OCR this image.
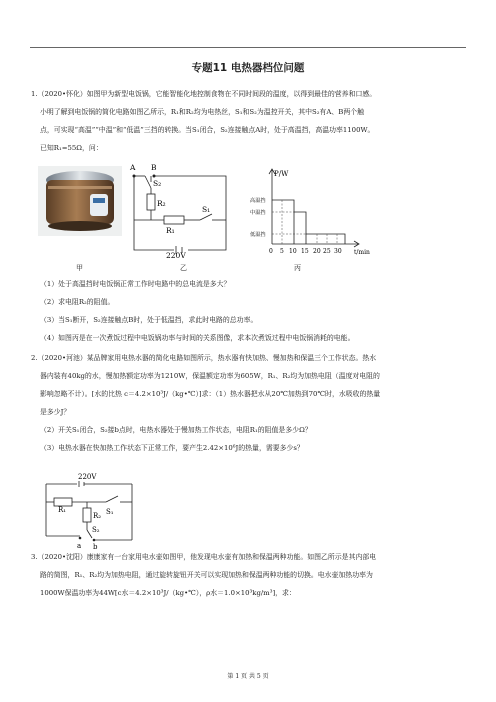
专题11 电热器档位问题
1.（2020•怀化）如图甲为新型电饭锅，它能智能化地控制食物在不同时间段的温度，以得到最佳的营养和口感。
小明了解到电饭锅的简化电路如图乙所示，R₁和R₂均为电热丝，S₁和S₂为温控开关，其中S₂有A、B两个触
点，可实现“高温”“中温”和“低温”三挡的转换。当S₁闭合，S₂连接触点A时，处于高温挡，高温功率1100W。
已知R₁=55Ω，问：
A B
S₂
R₂
S₁
R₁
220V
P/W
高温挡
中温挡
低温挡
0 5 10 15 20 25 30 t/min
甲	乙	丙
（1）处于高温挡时电饭锅正常工作时电路中的总电流是多大？
（2）求电阻R₂的阻值。
（3）当S₁断开，S₂连接触点B时，处于低温挡，求此时电路的总功率。
（4）如图丙是在一次煮饭过程中电饭锅功率与时间的关系图像，求本次煮饭过程中电饭锅消耗的电能。
2.（2020•河池）某品牌家用电热水器的简化电路如图所示，热水器有快加热、慢加热和保温三个工作状态。热水
器内装有40kg的水，慢加热额定功率为1210W，保温额定功率为605W，R₁、R₂均为加热电阻（温度对电阻的
影响忽略不计）。[水的比热 c＝4.2×10³J/（kg•℃）]求：（1）热水器把水从20℃加热到70℃时，水吸收的热量
是多少J？
（2）开关S₁闭合，S₂接b点时，电热水器处于慢加热工作状态，电阻R₁的阻值是多少Ω？
（3）电热水器在快加热工作状态下正常工作，要产生2.42×10⁶J的热量，需要多少s？
220V
R₁
R₂ S₁
S₂
a b
3.（2020•沈阳）康康家有一台家用电水壶如图甲，他发现电水壶有加热和保温两种功能。如图乙所示是其内部电
路的简图，R₁、R₂均为加热电阻，通过旋转旋钮开关可以实现加热和保温两种功能的切换。电水壶加热功率为
1000W保温功率为44W[c水＝4.2×10³J/（kg•℃），ρ水＝1.0×10³kg/m³]，求：
第 1 页 共 5 页
